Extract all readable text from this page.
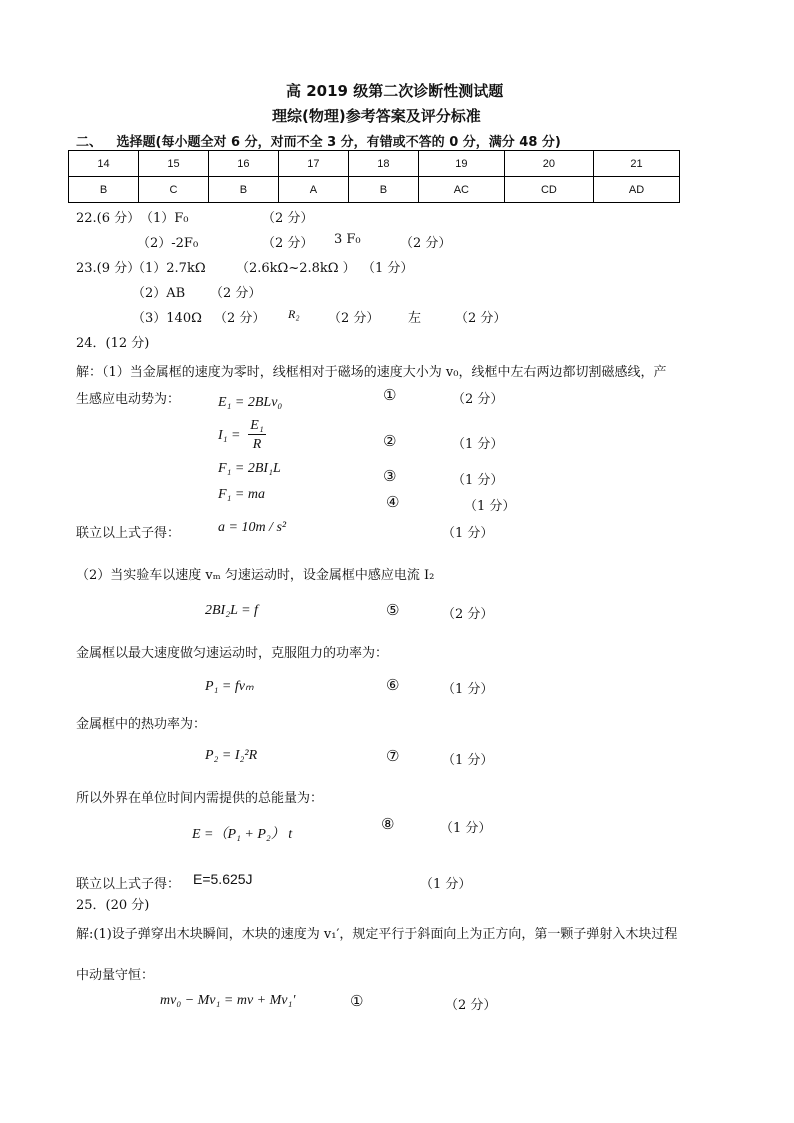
高 2019 级第二次诊断性测试题
理综(物理)参考答案及评分标准
二、 选择题(每小题全对 6 分，对而不全 3 分，有错或不答的 0 分，满分 48 分)
14	15	16	17	18	19	20	21
B	C	B	A	B	AC	CD	AD
22.(6 分） （1）F₀	（2 分）
（2）-2F₀	（2 分） 3 F₀	（2 分）
23.(9 分）
（1）2.7kΩ （2.6kΩ~2.8kΩ ） （1 分）
（2）AB （2 分）
（3）140Ω （2 分） R₂ （2 分） 左	（2 分）
24．(12 分)
解：（1）当金属框的速度为零时，线框相对于磁场的速度大小为 v₀，线框中左右两边都切割磁感线，产
生感应电动势为：	E₁ = 2BLv₀	①	（2 分）
I₁ =
E₁
R	②	（1 分）
F₁ = 2BI₁L	③	（1 分）
F₁ = ma	④	（1 分）
联立以上式子得：	a = 10m / s²	（1 分）
（2）当实验车以速度 vₘ 匀速运动时，设金属框中感应电流 I₂
2BI₂L = f	⑤	（2 分）
金属框以最大速度做匀速运动时，克服阻力的功率为：
P₁ = fvₘ	⑥	（1 分）
金属框中的热功率为：
P₂ = I₂²R	⑦	（1 分）
所以外界在单位时间内需提供的总能量为：
E =（P₁ + P₂） t
⑧	（1 分）
联立以上式子得： E=5.625J	（1 分）
25．(20 分)
解:(1)设子弹穿出木块瞬间，木块的速度为 v₁′，规定平行于斜面向上为正方向，第一颗子弹射入木块过程
中动量守恒：
mv₀ − Mv₁ = mv + Mv₁′	①	（2 分）
